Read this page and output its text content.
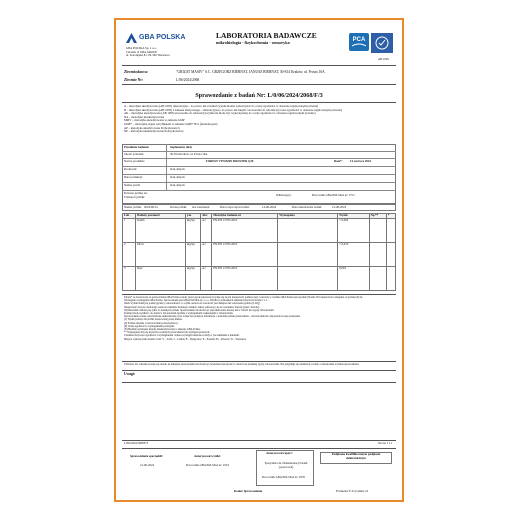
GBA POLSKA	LABORATORIA BADAWCZE
mikrobiologia - fizykochemia - sensoryka
GBA POLSKA Sp. z o.o.
Członek of GBA GROUP
ul. Kolonijska 81, 02-340 Warszawa
PCA
AB 1095
Zleceniodawca:	"GRIZAT MASIV" S.C. GRZEGORZ BIERNAT, JANUSZ BIERNAT, 30-814 Kraków, ul. Prosta 16A
Zlecenie Nr:	L/06/2024/2068
Sprawozdanie z badań Nr: L/0/06/2024/2068/F/3
A – metodyka akredytowana (AB 1095) referencyjna – do prawo niż również (wynik można wykorzystać do oceny zgodności w obszarze regulowanym prawnie)
B – metodyka akredytowana (AB 1095) z zakresu elastycznego - referencyjna (o do prawo niż innym i stosowalna do referencji (ocena zgodności w obszarze regulowanym prawnie)
AK – metodyka akredytowana (AB 1095) stosowalna do referencji (wynik nie może być wykorzystany do oceny zgodności w obszarze regulowanym prawnie)
NA – metodyka nieakredytowana
MMV – metodyka akredytowana w zakresie GMP
GMP+ – metodyka objęta certyfikatem w zakresie GMP+ B11 (feedsafe.pest)
AP – metodyka akredytowana Podwykonawcy
NP – metodyka nieakredytowana Podwykonawcy
Przedmiot badania:	Suplementy diety
Jakość pobrania:	30-814 Kraków, ul. Prosta 16A
Nazwa produktu:	FOREST VITAMIN BOOSTER Q10	Data*: 14 czerwca 2024
Producent:	brak danych
Data produkcji:	brak danych
Numer partii:	brak danych
Pobrano próbkę na:
Transport próbki:	Odbierający:	Pracownik GBA POLSKA nr: 2711
Numer próbki: 2024/06/14	Ocena próbki: bez zastrzeżeń	Data rozpoczęcia badań:	14-06-2024	Data zakończenia badań:	21-06-2024
Lab.	Badany parametr	j.m.	Akr.	Metodyka badania nr	Wymagania	Wynik	Np.**	*
1	Kadm	mg/kg	A1	PN-EN 15763 2010		< 0,002		
2	Ołów	mg/kg	A1	PN-EN 15763 2010		< 0,010		
3	Rtęć	mg/kg	A1	PN-EN 15763 2010		0,003		
Tabela* są dostarczone ze sprawozdania GBA Polska zostały przez zgodę zgłoszone (wydaje się że jest niepewność pomiaru przy wartości) w wyniku GBA Polska jest zgodnie (Norma 001 niepewności odstępnie od podanych) itp.
Wymagania wymagania GBA Polska. Sprawozdanie jest GBA POLSKA sp. z o.o. Wyniki w jednostkach zamieszczonych na stronie 1 z 1.
Jeżeli wynik badań jest poniżej granicy oznaczalności, to wynik oznacza że zawartość jest mniejsza niż oznaczenia granica (LOQ)
Niepewność dotyczy ustalonego stanu na zakładzie badanego obiektu; zakres odnoszący się do warunków metody (patrz: metoda).
Wyniki badań odnoszą się tylko do badanych próbek. Sprawozdanie nie może być reprodukowane inaczej niż w całości bez zgody laboratorium.
Poniżej tabelę wyników: do analiz w laboratorium zgodnie z wymaganiami wskazanymi w laboratorium.
Sprawozdanie zostało zatwierdzone elektronicznie i jest ważne bez podpisu; informacje o pobraniu próbek przez klienta – laboratorium nie odpowiada za etap pobierania.
(1) Wynik podany dla próbki dostarczonej przez klienta.
(2) Próbka zbadana w laboratorium podwykonawcy.
(P) Ocena zgodności z wymaganiami prawnymi.
(N) Badanie wykonane metodą nieakredytowaną w zakresie GBA Polska.
** Wymagania dotyczą kryteriów podanych przez klienta lub wymagań prawnych.
Ustalenia dotyczące zgodności z wymaganiami i zakres wymagań ustalone zostały w porozumieniu z klientem.
Miejsce wykonywania badań: Łódź *1 – Łódź; 2 – Lublin; B – Bydgoszcz; P – Poznań; PS – Pruszcz; W – Warszawa
UWAGA: Do wniosku stosuje się zasadę, że niniejsze sprawozdanie nie może być powielane inaczej niż w całości bez pisemnej zgody Laboratorium. Nie przyjmuje się reklamacji od dnia 1 zakończenia wydania sprawozdania.
Uwagi:
L/06/2024/2068/F/3	Strona 1 z 1
Sprawozdanie sporządził:
21-06-2024
Autoryzował wyniki:
Pracownik GBA POLSKA nr: 2543
Autoryzował raport:
Specjalista ds. Dokumentacji badań (opracował)
Pracownik GBA POLSKA nr: 2976
Podpisano kwalifikowanym podpisem elektronicznym
Koniec Sprawozdania	Formularz F-9 wydanie 10
